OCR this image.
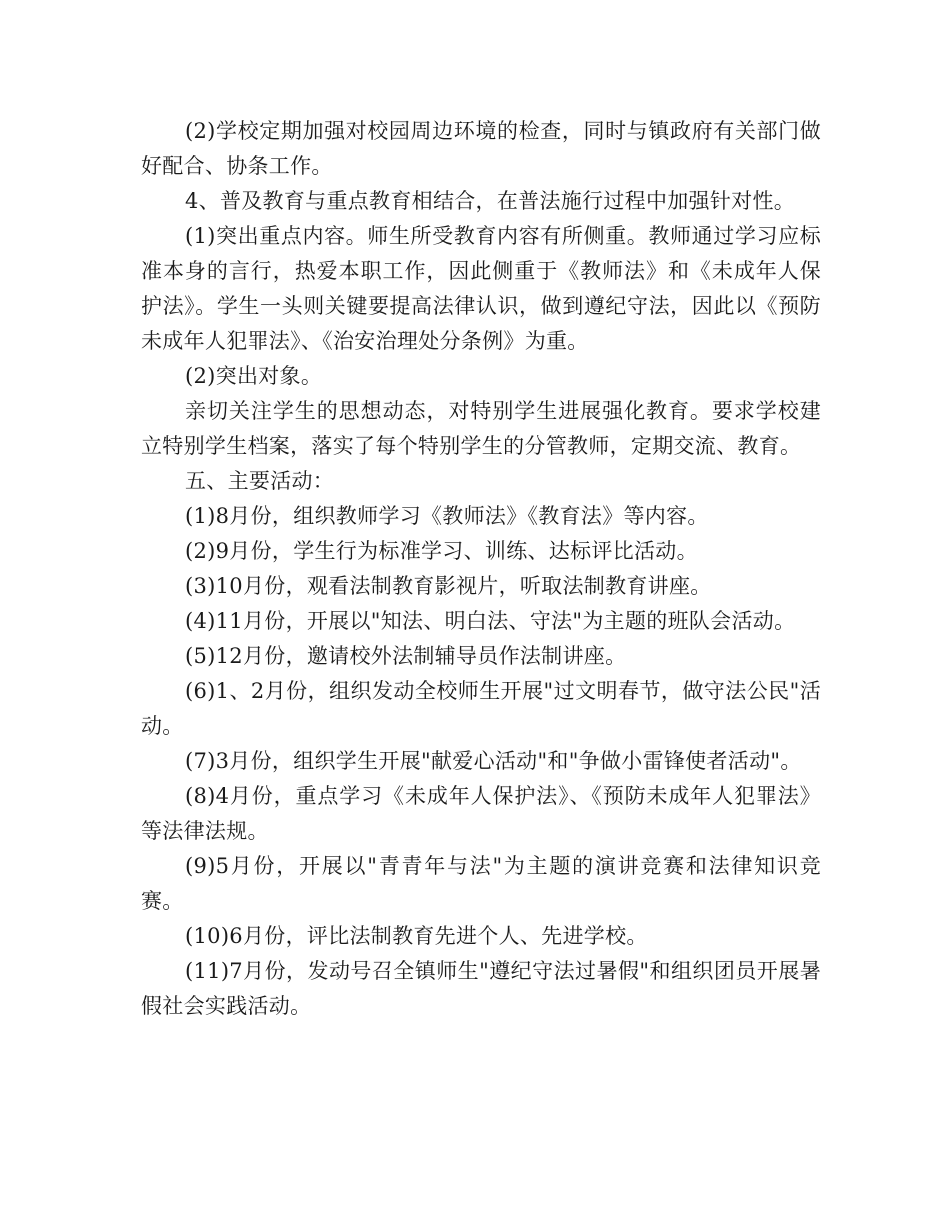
(2)学校定期加强对校园周边环境的检查，同时与镇政府有关部门做好配合、协条工作。

4、普及教育与重点教育相结合，在普法施行过程中加强针对性。

(1)突出重点内容。师生所受教育内容有所侧重。教师通过学习应标准本身的言行，热爱本职工作，因此侧重于《教师法》和《未成年人保护法》。学生一头则关键要提高法律认识，做到遵纪守法，因此以《预防未成年人犯罪法》、《治安治理处分条例》为重。

(2)突出对象。

亲切关注学生的思想动态，对特别学生进展强化教育。要求学校建立特别学生档案，落实了每个特别学生的分管教师，定期交流、教育。

五、主要活动：

(1)8月份，组织教师学习《教师法》《教育法》等内容。

(2)9月份，学生行为标准学习、训练、达标评比活动。

(3)10月份，观看法制教育影视片，听取法制教育讲座。

(4)11月份，开展以"知法、明白法、守法"为主题的班队会活动。

(5)12月份，邀请校外法制辅导员作法制讲座。

(6)1、2月份，组织发动全校师生开展"过文明春节，做守法公民"活动。

(7)3月份，组织学生开展"献爱心活动"和"争做小雷锋使者活动"。

(8)4月份，重点学习《未成年人保护法》、《预防未成年人犯罪法》等法律法规。

(9)5月份，开展以"青青年与法"为主题的演讲竞赛和法律知识竞赛。

(10)6月份，评比法制教育先进个人、先进学校。

(11)7月份，发动号召全镇师生"遵纪守法过暑假"和组织团员开展暑假社会实践活动。
